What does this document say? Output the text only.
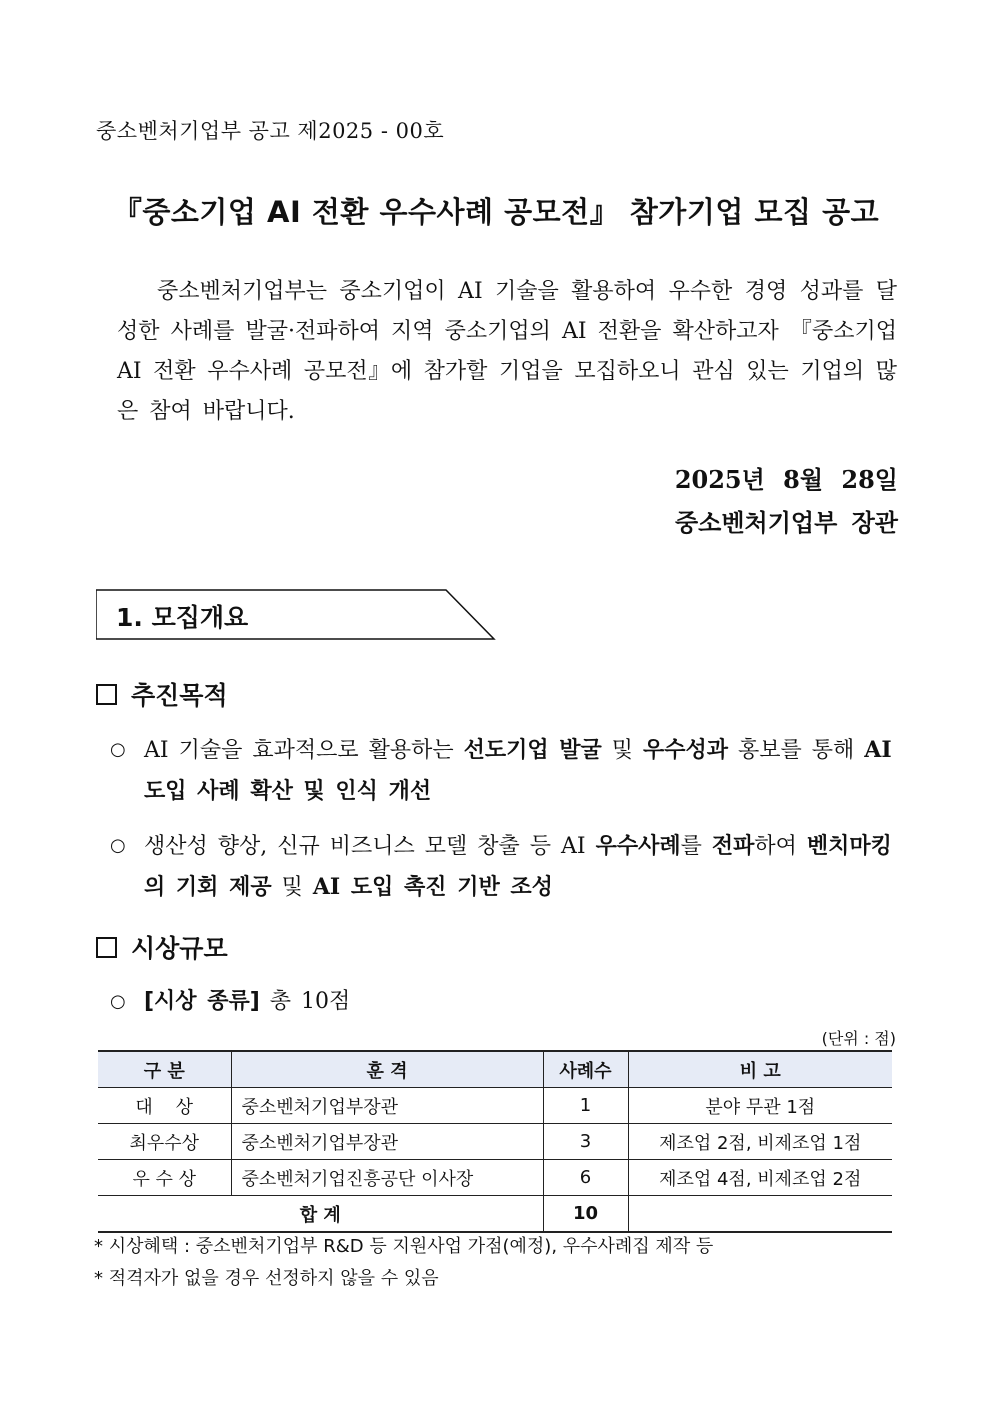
중소벤처기업부 공고 제2025 - 00호
『중소기업 AI 전환 우수사례 공모전』 참가기업 모집 공고
중소벤처기업부는 중소기업이 AI 기술을 활용하여 우수한 경영 성과를 달성한 사례를 발굴·전파하여 지역 중소기업의 AI 전환을 확산하고자 『중소기업 AI 전환 우수사례 공모전』에 참가할 기업을 모집하오니 관심 있는 기업의 많은 참여 바랍니다.
2025년 8월 28일
중소벤처기업부 장관
1. 모집개요
추진목적
○ AI 기술을 효과적으로 활용하는 선도기업 발굴 및 우수성과 홍보를 통해 AI 도입 사례 확산 및 인식 개선
○ 생산성 향상, 신규 비즈니스 모델 창출 등 AI 우수사례를 전파하여 벤치마킹의 기회 제공 및 AI 도입 촉진 기반 조성
시상규모
○ [시상 종류] 총 10점
(단위 : 점)
구 분	훈 격	사례수	비 고
대    상	중소벤처기업부장관	1	분야 무관 1점
최우수상	중소벤처기업부장관	3	제조업 2점, 비제조업 1점
우 수 상	중소벤처기업진흥공단 이사장	6	제조업 4점, 비제조업 2점
합 계		10	
* 시상혜택 : 중소벤처기업부 R&D 등 지원사업 가점(예정), 우수사례집 제작 등
* 적격자가 없을 경우 선정하지 않을 수 있음
